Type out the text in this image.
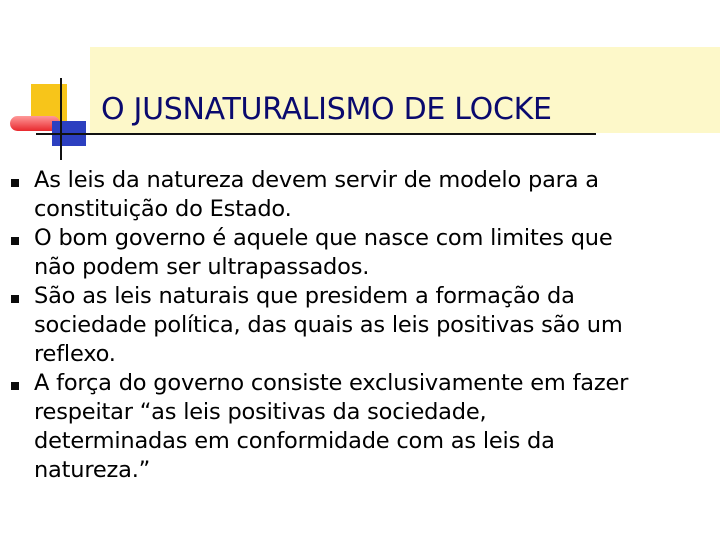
O JUSNATURALISMO DE LOCKE
As leis da natureza devem servir de modelo para a
constituição do Estado.
O bom governo é aquele que nasce com limites que
não podem ser ultrapassados.
São as leis naturais que presidem a formação da
sociedade política, das quais as leis positivas são um
reflexo.
A força do governo consiste exclusivamente em fazer
respeitar “as leis positivas da sociedade,
determinadas em conformidade com as leis da
natureza.”
